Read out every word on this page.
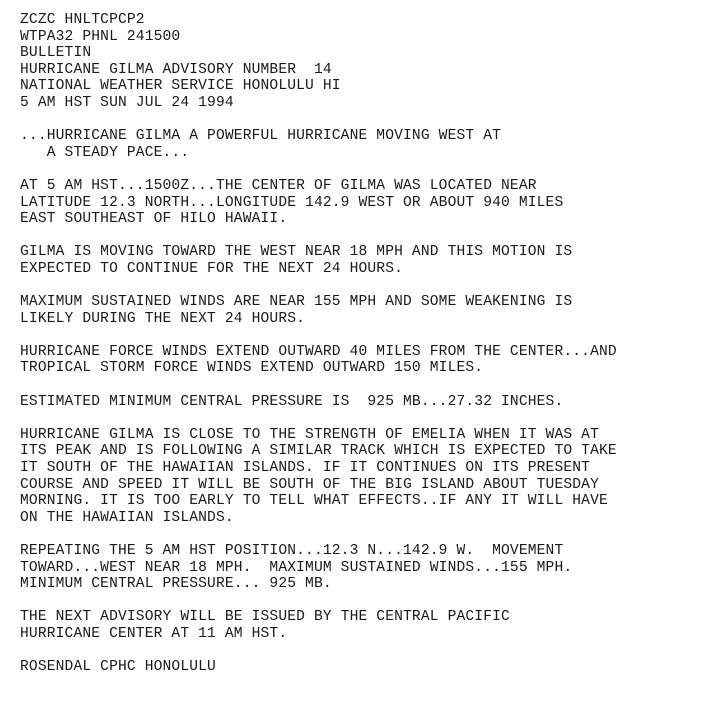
ZCZC HNLTCPCP2
WTPA32 PHNL 241500
BULLETIN
HURRICANE GILMA ADVISORY NUMBER  14
NATIONAL WEATHER SERVICE HONOLULU HI
5 AM HST SUN JUL 24 1994
...HURRICANE GILMA A POWERFUL HURRICANE MOVING WEST AT
A STEADY PACE...
AT 5 AM HST...1500Z...THE CENTER OF GILMA WAS LOCATED NEAR
LATITUDE 12.3 NORTH...LONGITUDE 142.9 WEST OR ABOUT 940 MILES
EAST SOUTHEAST OF HILO HAWAII.
GILMA IS MOVING TOWARD THE WEST NEAR 18 MPH AND THIS MOTION IS
EXPECTED TO CONTINUE FOR THE NEXT 24 HOURS.
MAXIMUM SUSTAINED WINDS ARE NEAR 155 MPH AND SOME WEAKENING IS
LIKELY DURING THE NEXT 24 HOURS.
HURRICANE FORCE WINDS EXTEND OUTWARD 40 MILES FROM THE CENTER...AND
TROPICAL STORM FORCE WINDS EXTEND OUTWARD 150 MILES.
ESTIMATED MINIMUM CENTRAL PRESSURE IS  925 MB...27.32 INCHES.
HURRICANE GILMA IS CLOSE TO THE STRENGTH OF EMELIA WHEN IT WAS AT
ITS PEAK AND IS FOLLOWING A SIMILAR TRACK WHICH IS EXPECTED TO TAKE
IT SOUTH OF THE HAWAIIAN ISLANDS. IF IT CONTINUES ON ITS PRESENT
COURSE AND SPEED IT WILL BE SOUTH OF THE BIG ISLAND ABOUT TUESDAY
MORNING. IT IS TOO EARLY TO TELL WHAT EFFECTS..IF ANY IT WILL HAVE
ON THE HAWAIIAN ISLANDS.
REPEATING THE 5 AM HST POSITION...12.3 N...142.9 W.  MOVEMENT
TOWARD...WEST NEAR 18 MPH.  MAXIMUM SUSTAINED WINDS...155 MPH.
MINIMUM CENTRAL PRESSURE... 925 MB.
THE NEXT ADVISORY WILL BE ISSUED BY THE CENTRAL PACIFIC
HURRICANE CENTER AT 11 AM HST.
ROSENDAL CPHC HONOLULU
